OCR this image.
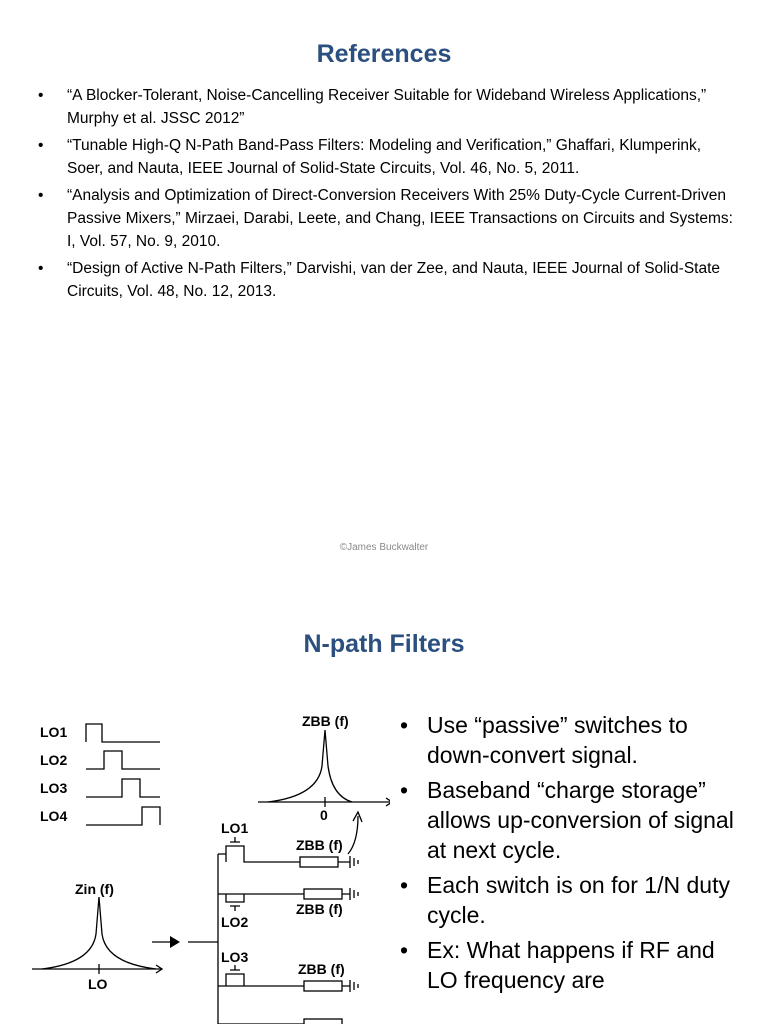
References
• “A Blocker-Tolerant, Noise-Cancelling Receiver Suitable for Wideband Wireless Applications,” Murphy et al. JSSC 2012”
• “Tunable High-Q N-Path Band-Pass Filters: Modeling and Verification,” Ghaffari, Klumperink, Soer, and Nauta, IEEE Journal of Solid-State Circuits, Vol. 46, No. 5, 2011.
• “Analysis and Optimization of Direct-Conversion Receivers With 25% Duty-Cycle Current-Driven Passive Mixers,” Mirzaei, Darabi, Leete, and Chang, IEEE Transactions on Circuits and Systems: I, Vol. 57, No. 9, 2010.
• “Design of Active N-Path Filters,” Darvishi, van der Zee, and Nauta, IEEE Journal of Solid-State Circuits, Vol. 48, No. 12, 2013.
©James Buckwalter
N-path Filters
LO1
LO2
LO3
LO4
ZBB (f)
0
Zin (f)
LO
LO1
LO2
LO3
ZBB (f)
ZBB (f)
ZBB (f)
• Use “passive” switches to down-convert signal.
• Baseband “charge storage” allows up-conversion of signal at next cycle.
• Each switch is on for 1/N duty cycle.
• Ex: What happens if RF and LO frequency are
